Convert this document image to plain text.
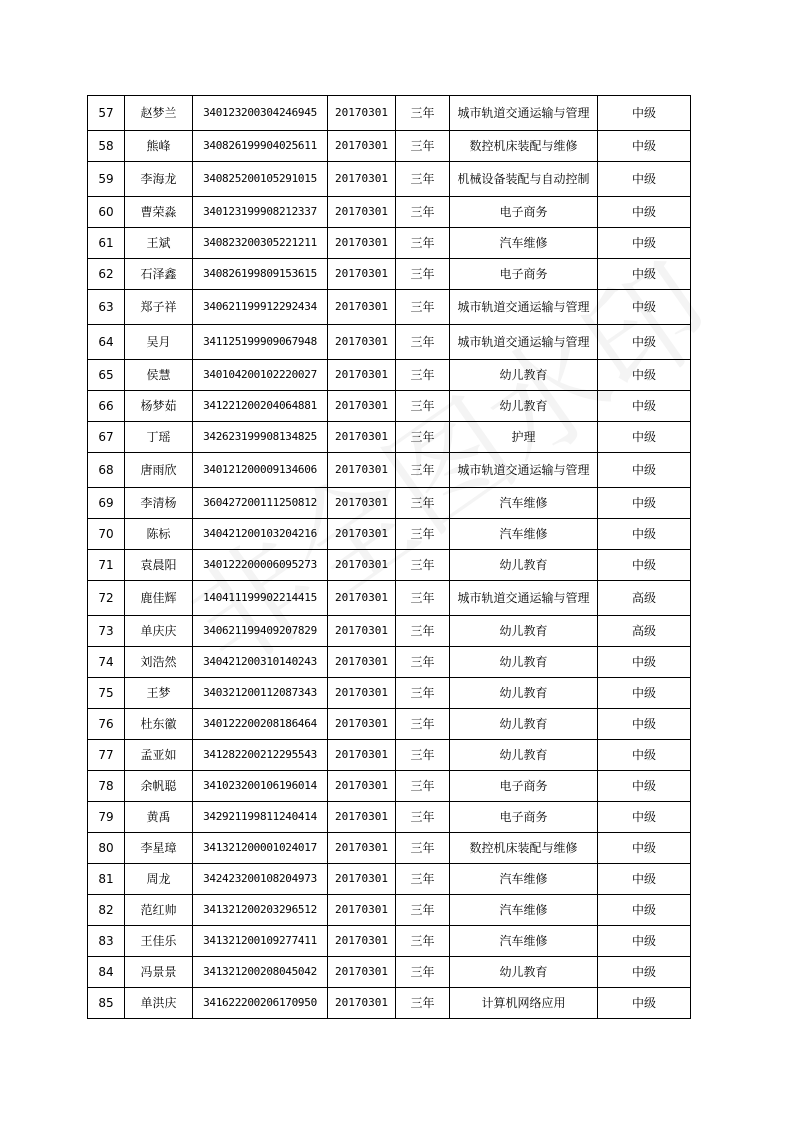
57	赵梦兰	340123200304246945	20170301	三年	城市轨道交通运输与管理	中级
58	熊峰	340826199904025611	20170301	三年	数控机床装配与维修	中级
59	李海龙	340825200105291015	20170301	三年	机械设备装配与自动控制	中级
60	曹荣淼	340123199908212337	20170301	三年	电子商务	中级
61	王斌	340823200305221211	20170301	三年	汽车维修	中级
62	石泽鑫	340826199809153615	20170301	三年	电子商务	中级
63	郑子祥	340621199912292434	20170301	三年	城市轨道交通运输与管理	中级
64	吴月	341125199909067948	20170301	三年	城市轨道交通运输与管理	中级
65	侯慧	340104200102220027	20170301	三年	幼儿教育	中级
66	杨梦茹	341221200204064881	20170301	三年	幼儿教育	中级
67	丁瑶	342623199908134825	20170301	三年	护理	中级
68	唐雨欣	340121200009134606	20170301	三年	城市轨道交通运输与管理	中级
69	李清杨	360427200111250812	20170301	三年	汽车维修	中级
70	陈标	340421200103204216	20170301	三年	汽车维修	中级
71	袁晨阳	340122200006095273	20170301	三年	幼儿教育	中级
72	鹿佳辉	140411199902214415	20170301	三年	城市轨道交通运输与管理	高级
73	单庆庆	340621199409207829	20170301	三年	幼儿教育	高级
74	刘浩然	340421200310140243	20170301	三年	幼儿教育	中级
75	王梦	340321200112087343	20170301	三年	幼儿教育	中级
76	杜东徽	340122200208186464	20170301	三年	幼儿教育	中级
77	孟亚如	341282200212295543	20170301	三年	幼儿教育	中级
78	余帆聪	341023200106196014	20170301	三年	电子商务	中级
79	黄禹	342921199811240414	20170301	三年	电子商务	中级
80	李星璋	341321200001024017	20170301	三年	数控机床装配与维修	中级
81	周龙	342423200108204973	20170301	三年	汽车维修	中级
82	范红帅	341321200203296512	20170301	三年	汽车维修	中级
83	王佳乐	341321200109277411	20170301	三年	汽车维修	中级
84	冯景景	341321200208045042	20170301	三年	幼儿教育	中级
85	单洪庆	341622200206170950	20170301	三年	计算机网络应用	中级
